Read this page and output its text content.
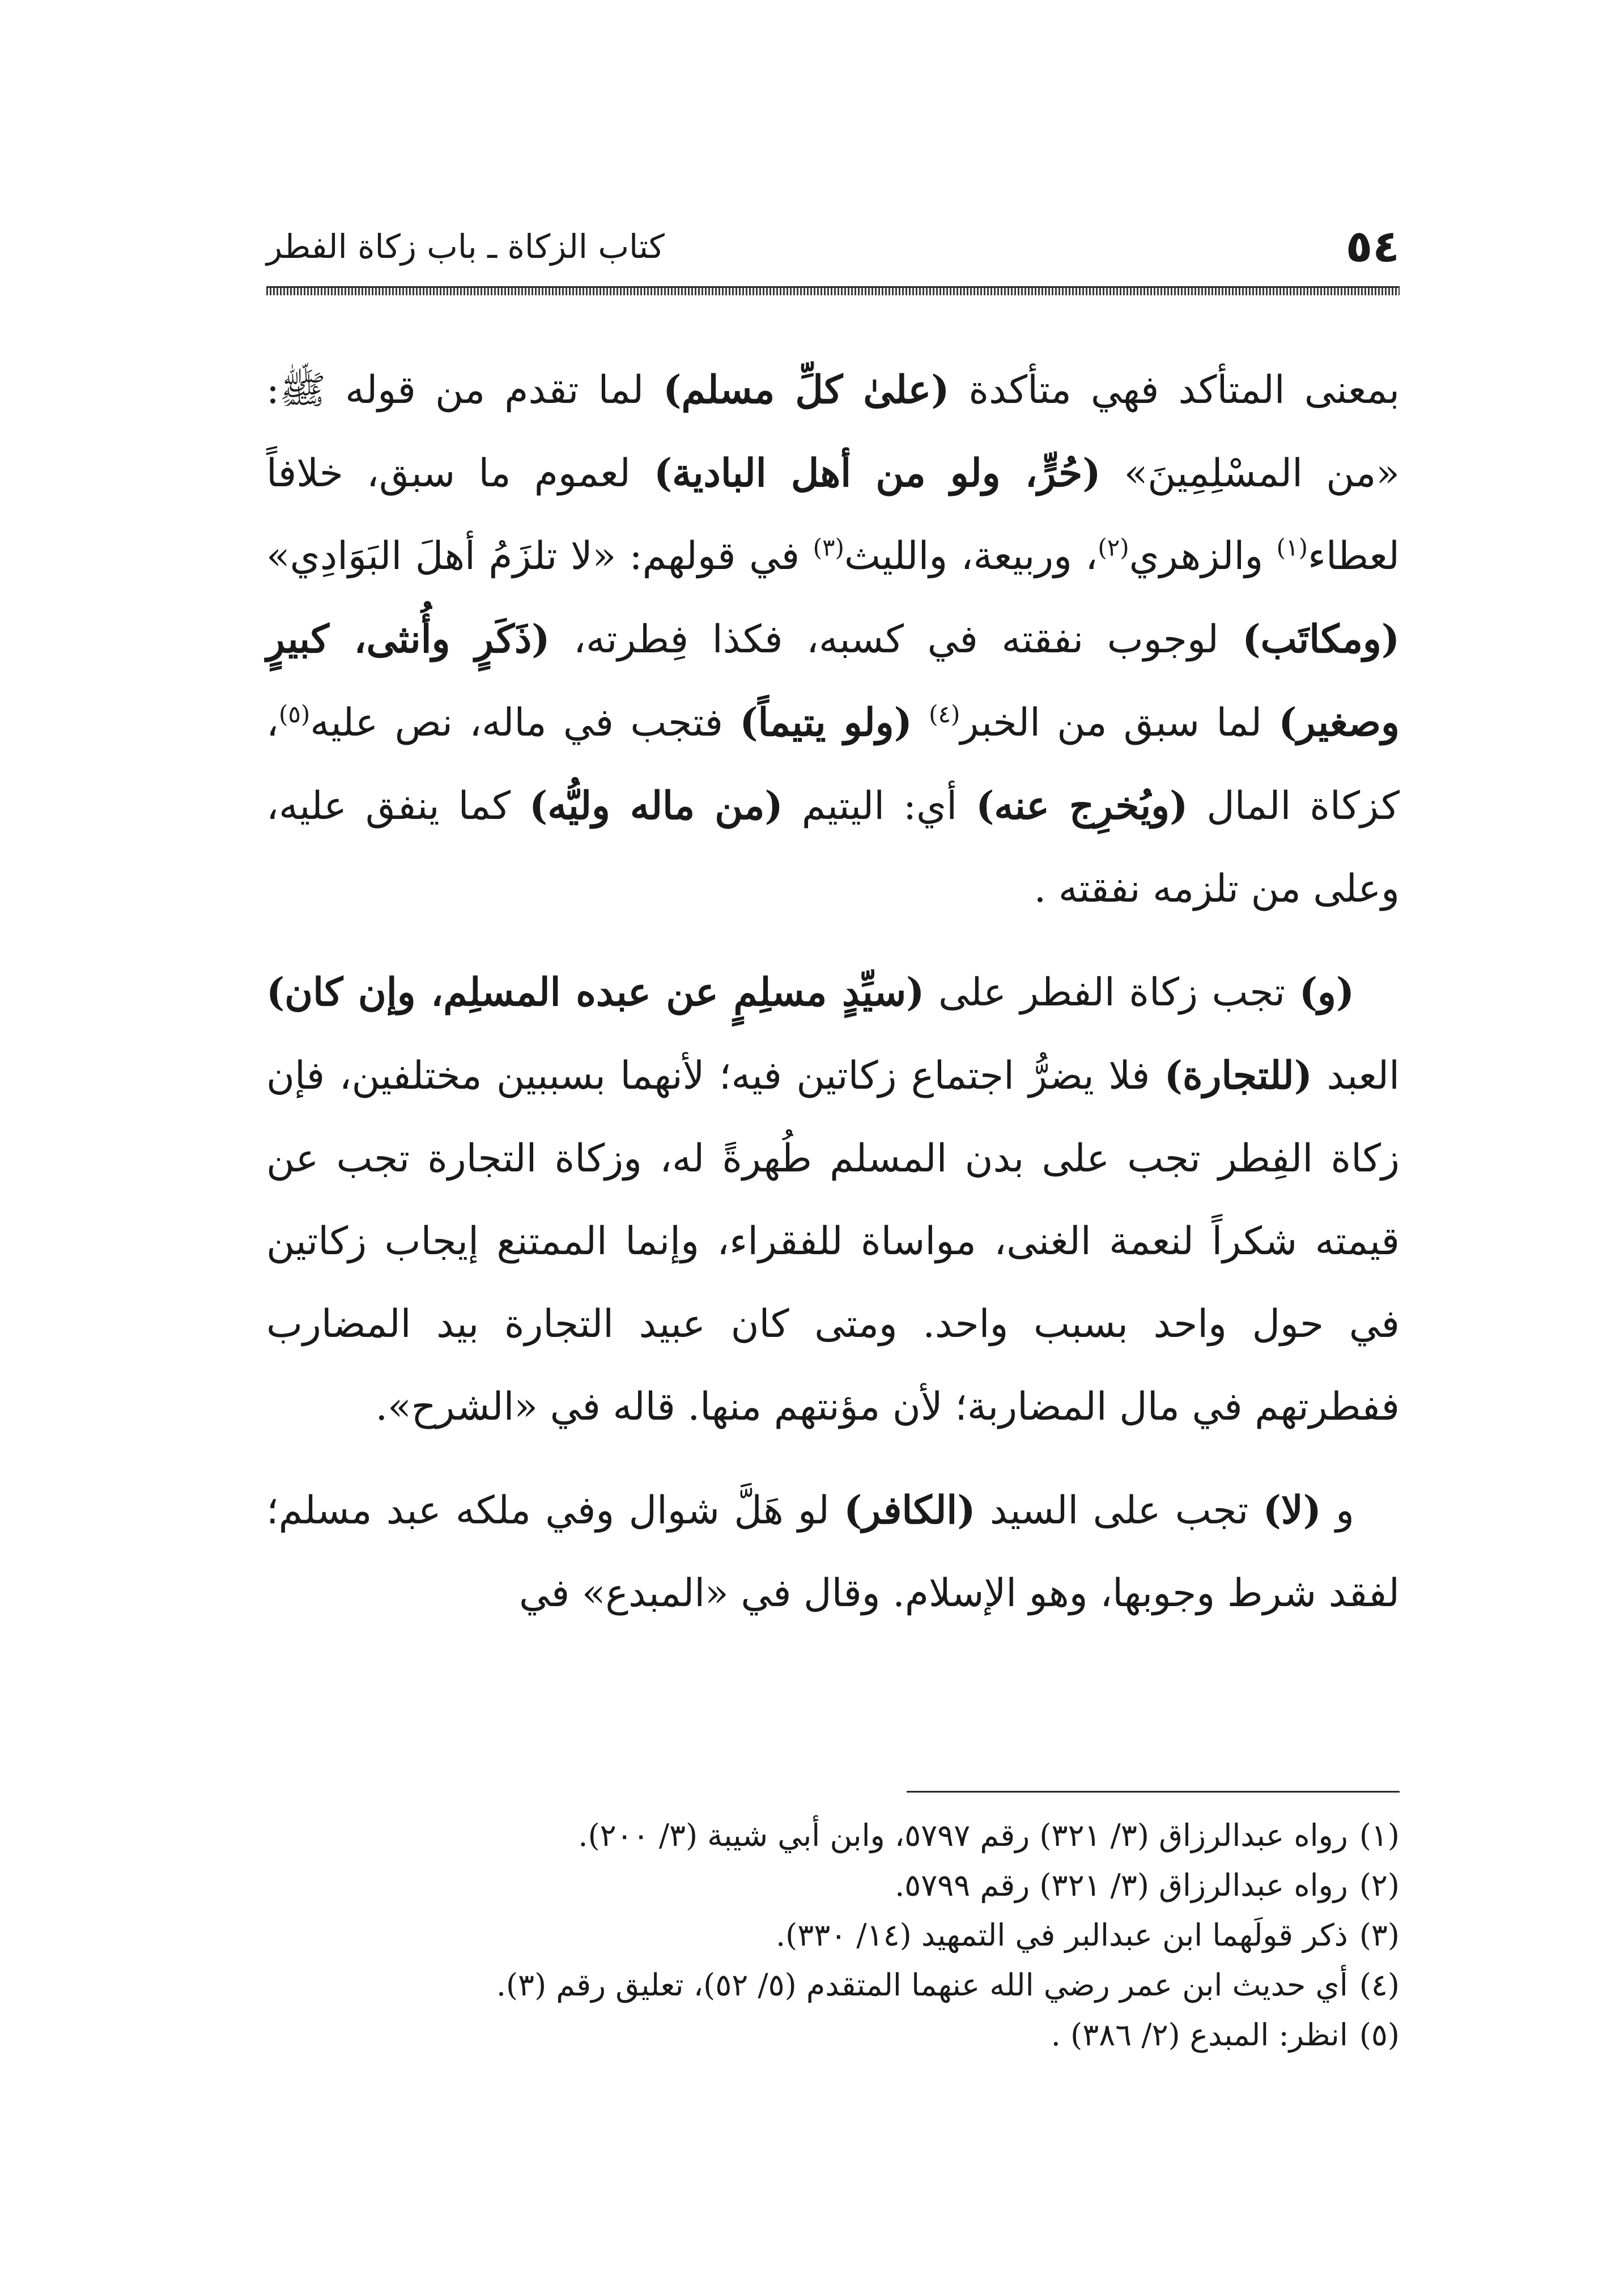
٥٤
كتاب الزكاة ـ باب زكاة الفطر

بمعنى المتأكد فهي متأكدة (علىٰ كلِّ مسلم) لما تقدم من قوله ﷺ: «من المسْلِمِينَ» (حُرٍّ، ولو من أهل البادية) لعموم ما سبق، خلافاً لعطاء$^{(١)}$ والزهري$^{(٢)}$، وربيعة، والليث$^{(٣)}$ في قولهم: «لا تلزَمُ أهلَ البَوَادِي» (ومكاتَب) لوجوب نفقته في كسبه، فكذا فِطرته، (ذَكَرٍ وأُنثى، كبيرٍ وصغير) لما سبق من الخبر$^{(٤)}$ (ولو يتيماً) فتجب في ماله، نص عليه$^{(٥)}$، كزكاة المال (ويُخرِج عنه) أي: اليتيم (من ماله وليُّه) كما ينفق عليه، وعلى من تلزمه نفقته .

(و) تجب زكاة الفطر على (سيِّدٍ مسلِمٍ عن عبده المسلِم، وإن كان) العبد (للتجارة) فلا يضرُّ اجتماع زكاتين فيه؛ لأنهما بسببين مختلفين، فإن زكاة الفِطر تجب على بدن المسلم طُهرةً له، وزكاة التجارة تجب عن قيمته شكراً لنعمة الغنى، مواساة للفقراء، وإنما الممتنع إيجاب زكاتين في حول واحد بسبب واحد. ومتى كان عبيد التجارة بيد المضارب ففطرتهم في مال المضاربة؛ لأن مؤنتهم منها. قاله في «الشرح».

و (لا) تجب على السيد (الكافر) لو هَلَّ شوال وفي ملكه عبد مسلم؛ لفقد شرط وجوبها، وهو الإسلام. وقال في «المبدع» في

(١)رواه عبدالرزاق (٣/ ٣٢١) رقم ٥٧٩٧، وابن أبي شيبة (٣/ ٢٠٠).

(٢)رواه عبدالرزاق (٣/ ٣٢١) رقم ٥٧٩٩.

(٣)ذكر قولَهما ابن عبدالبر في التمهيد (١٤/ ٣٣٠).

(٤)أي حديث ابن عمر رضي الله عنهما المتقدم (٥/ ٥٢)، تعليق رقم (٣).

(٥)انظر: المبدع (٢/ ٣٨٦) .
